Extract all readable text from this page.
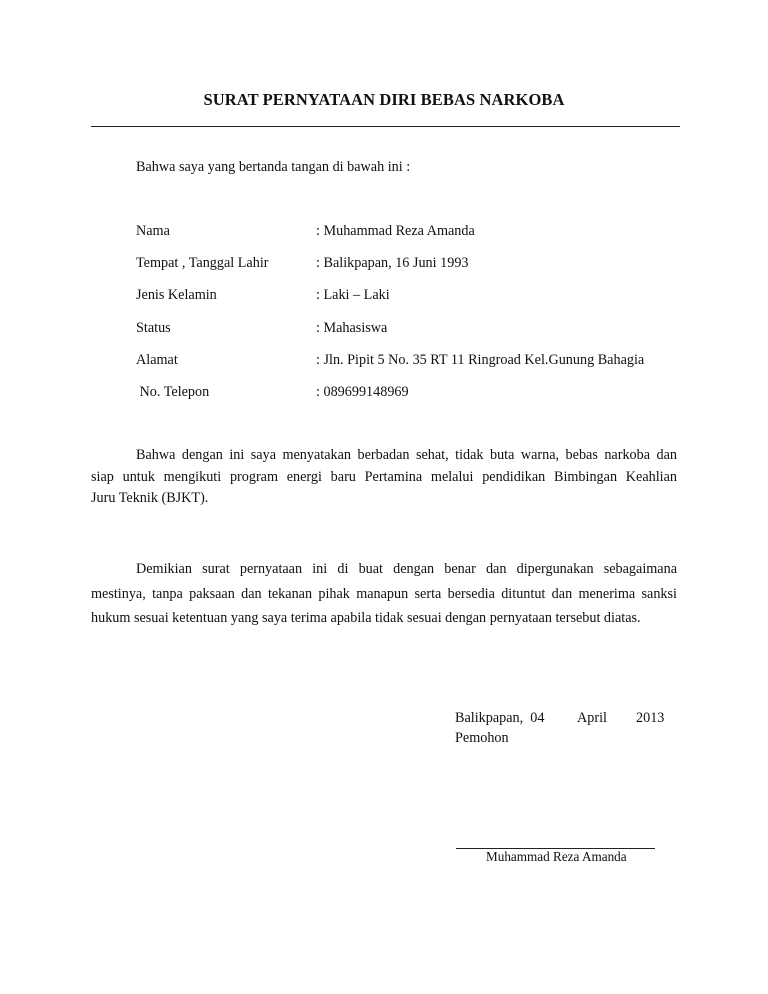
SURAT PERNYATAAN DIRI BEBAS NARKOBA
Bahwa saya yang bertanda tangan di bawah ini :
Nama	: Muhammad Reza Amanda
Tempat , Tanggal Lahir	: Balikpapan, 16 Juni 1993
Jenis Kelamin	: Laki – Laki
Status	: Mahasiswa
Alamat	: Jln. Pipit 5 No. 35 RT 11 Ringroad Kel.Gunung Bahagia
No. Telepon	: 089699148969
Bahwa dengan ini saya menyatakan berbadan sehat, tidak buta warna, bebas narkoba dan
siap untuk mengikuti program energi baru Pertamina melalui pendidikan Bimbingan Keahlian
Juru Teknik (BJKT).
Demikian surat pernyataan ini di buat dengan benar dan dipergunakan sebagaimana
mestinya, tanpa paksaan dan tekanan pihak manapun serta bersedia dituntut dan menerima sanksi
hukum sesuai ketentuan yang saya terima apabila tidak sesuai dengan pernyataan tersebut diatas.
Balikpapan,  04 April 2013
Pemohon
Muhammad Reza Amanda
